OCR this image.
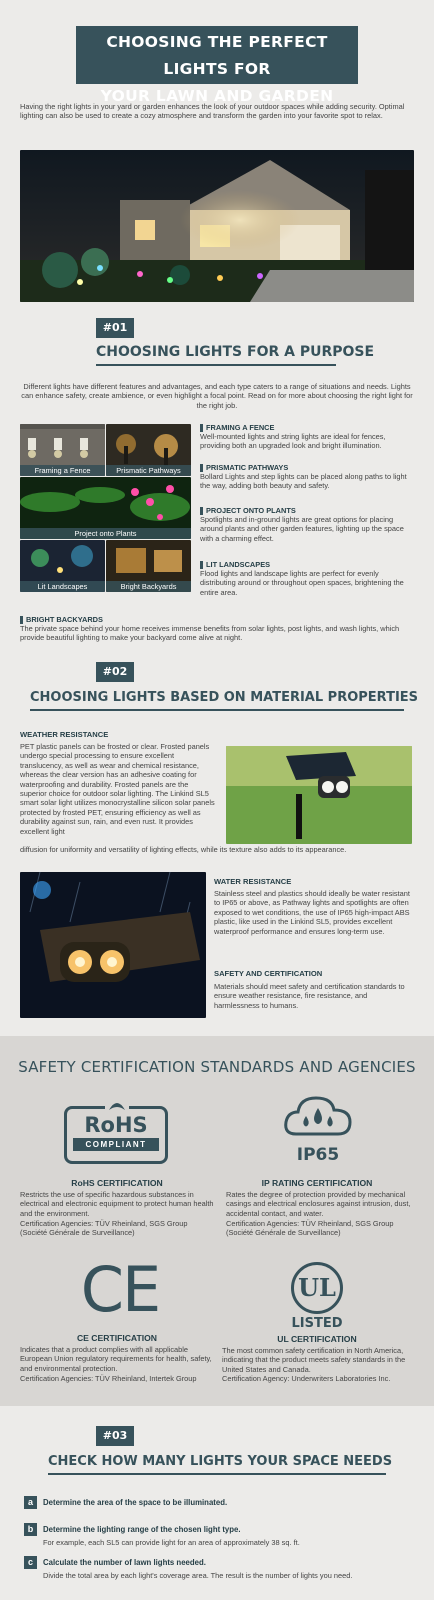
CHOOSING THE PERFECT LIGHTS FOR
YOUR LAWN AND GARDEN

Having the right lights in your yard or garden enhances the look of your outdoor spaces while adding security. Optimal lighting can also be used to create a cozy atmosphere and transform the garden into your favorite spot to relax.

#01
CHOOSING LIGHTS FOR A PURPOSE

Different lights have different features and advantages, and each type caters to a range of situations and needs. Lights can enhance safety, create ambience, or even highlight a focal point. Read on for more about choosing the right light for the right job.

Framing a Fence	Prismatic Pathways
Project onto Plants
Lit Landscapes	Bright Backyards
FRAMING A FENCE

Well-mounted lights and string lights are ideal for fences, providing both an upgraded look and bright illumination.

PRISMATIC PATHWAYS

Bollard Lights and step lights can be placed along paths to light the way, adding both beauty and safety.

PROJECT ONTO PLANTS

Spotlights and in-ground lights are great options for placing around plants and other garden features, lighting up the space with a charming effect.

LIT LANDSCAPES

Flood lights and landscape lights are perfect for evenly distributing around or throughout open spaces, brightening the entire area.

BRIGHT BACKYARDS

The private space behind your home receives immense benefits from solar lights, post lights, and wash lights, which provide beautiful lighting to make your backyard come alive at night.

#02
CHOOSING LIGHTS BASED ON MATERIAL PROPERTIES
WEATHER RESISTANCE

PET plastic panels can be frosted or clear. Frosted panels undergo special processing to ensure excellent translucency, as well as wear and chemical resistance, whereas the clear version has an adhesive coating for waterproofing and durability. Frosted panels are the superior choice for outdoor solar lighting. The Linkind SL5 smart solar light utilizes monocrystalline silicon solar panels protected by frosted PET, ensuring efficiency as well as durability against sun, rain, and even rust. It provides excellent light

diffusion for uniformity and versatility of lighting effects, while its texture also adds to its appearance.

WATER RESISTANCE

Stainless steel and plastics should ideally be water resistant to IP65 or above, as Pathway lights and spotlights are often exposed to wet conditions, the use of IP65 high-impact ABS plastic, like used in the Linkind SL5, provides excellent waterproof performance and ensures long-term use.

SAFETY AND CERTIFICATION

Materials should meet safety and certification standards to ensure weather resistance, fire resistance, and harmlessness to humans.

SAFETY CERTIFICATION STANDARDS AND AGENCIES
RoHS
COMPLIANT
RoHS CERTIFICATION

Restricts the use of specific hazardous substances in electrical and electronic equipment to protect human health and the environment.

Certification Agencies: TÜV Rheinland, SGS Group (Société Générale de Surveillance)

IP65
IP RATING CERTIFICATION

Rates the degree of protection provided by mechanical casings and electrical enclosures against intrusion, dust, accidental contact, and water.

Certification Agencies: TÜV Rheinland, SGS Group (Société Générale de Surveillance)

CE
CE CERTIFICATION

Indicates that a product complies with all applicable European Union regulatory requirements for health, safety, and environmental protection.

Certification Agencies: TÜV Rheinland, Intertek Group

UL
LISTED
UL CERTIFICATION

The most common safety certification in North America, indicating that the product meets safety standards in the United States and Canada.

Certification Agency: Underwriters Laboratories Inc.

#03
CHECK HOW MANY LIGHTS YOUR SPACE NEEDS
a	Determine the area of the space to be illuminated.
b	Determine the lighting range of the chosen light type.
For example, each SL5 can provide light for an area of approximately 38 sq. ft.
c	Calculate the number of lawn lights needed.
Divide the total area by each light's coverage area. The result is the number of lights you need.
